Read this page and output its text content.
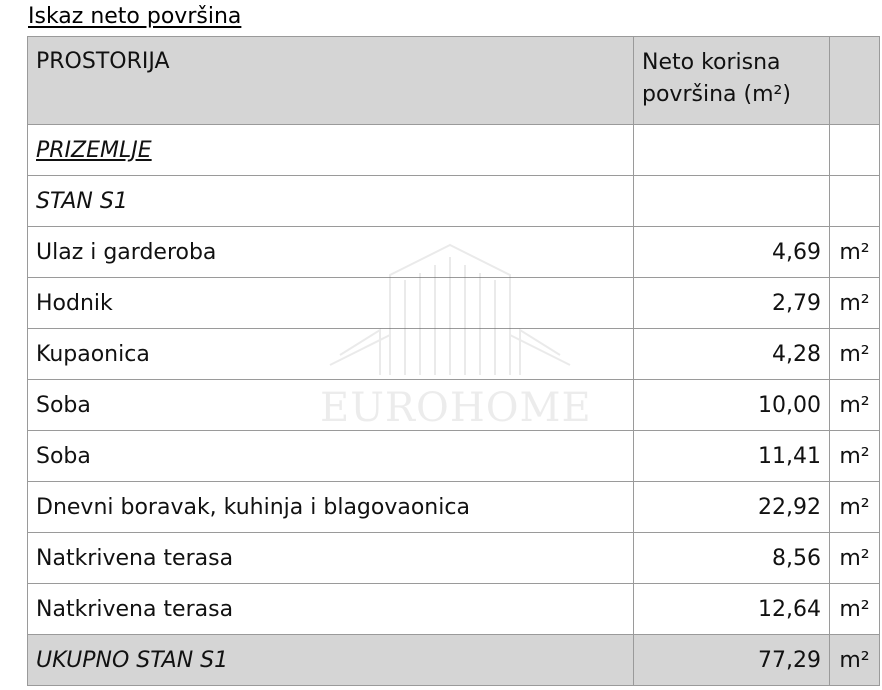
Iskaz neto površina
PROSTORIJA	Neto korisna
površina (m²)	
PRIZEMLJE		
STAN S1		
Ulaz i garderoba	4,69	m²
Hodnik	2,79	m²
Kupaonica	4,28	m²
Soba	10,00	m²
Soba	11,41	m²
Dnevni boravak, kuhinja i blagovaonica	22,92	m²
Natkrivena terasa	8,56	m²
Natkrivena terasa	12,64	m²
UKUPNO STAN S1	77,29	m²
EUROHOME
